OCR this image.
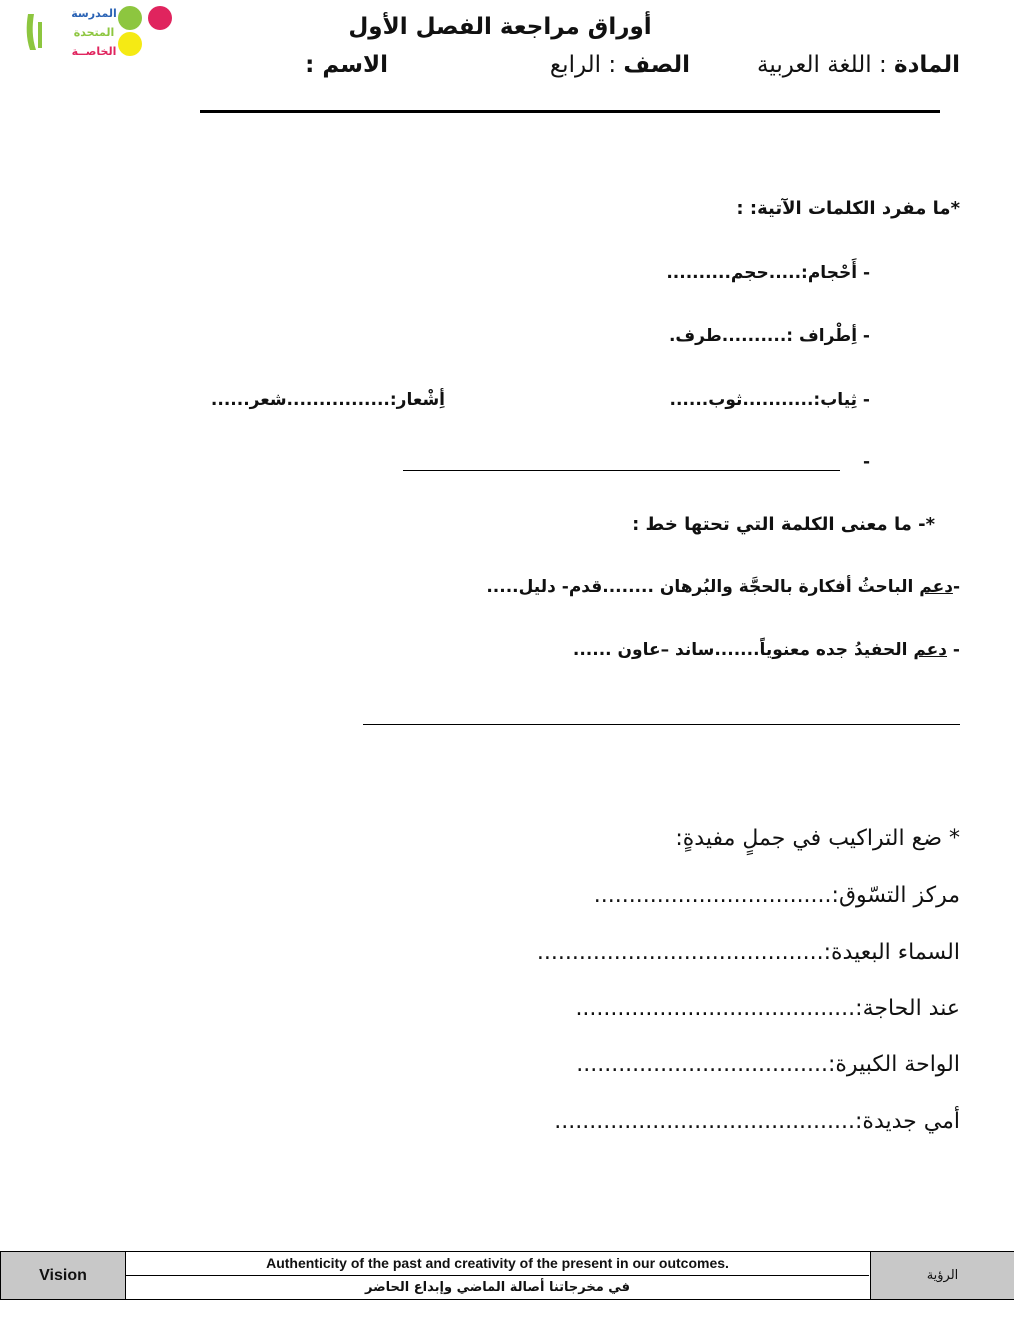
المدرسة
المتحدة
الخاصــة
أوراق مراجعة الفصل الأول
المادة : اللغة العربية
الصف : الرابع
الاسم :
*ما مفرد الكلمات الآتية: :
- أَحْجام:.....حجم..........
- أِطْراف :..........طرف.
- ثِياب:...........ثوب......
أِشْعار:................شعر......
-
*- ما معنى الكلمة التي تحتها خط :
-دعم الباحثُ أفكارة بالحجَّة والبُرهان ........قدم- دليل.....
- دعم الحفيدُ جده معنوياً.......ساند –عاون ......
* ضع التراكيب في جملٍ مفيدةٍ:
مركز التسّوق:..................................
السماء البعيدة:.........................................
عند الحاجة:........................................
الواحة الكبيرة:....................................
أمي جديدة:...........................................
Vision
Authenticity of the past and creativity of the present in our outcomes.
في مخرجاتنا أصالة الماضي وإبداع الحاضر
الرؤية
